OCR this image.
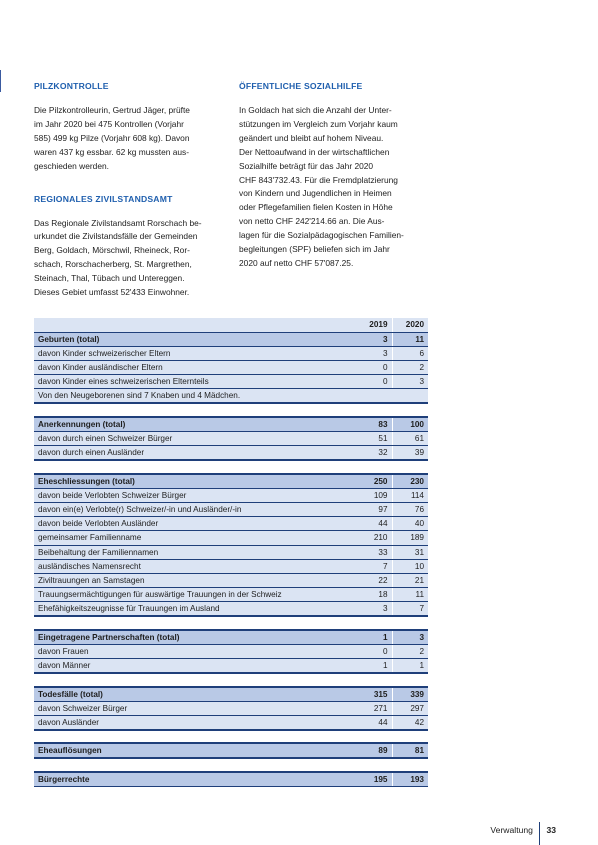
PILZKONTROLLE
Die Pilzkontrolleurin, Gertrud Jäger, prüfte
im Jahr 2020 bei 475 Kontrollen (Vorjahr
585) 499 kg Pilze (Vorjahr 608 kg). Davon
waren 437 kg essbar. 62 kg mussten aus-
geschieden werden.
REGIONALES ZIVILSTANDSAMT
Das Regionale Zivilstandsamt Rorschach be-
urkundet die Zivilstandsfälle der Gemeinden
Berg, Goldach, Mörschwil, Rheineck, Ror-
schach, Rorschacherberg, St. Margrethen,
Steinach, Thal, Tübach und Untereggen.
Dieses Gebiet umfasst 52'433 Einwohner.
ÖFFENTLICHE SOZIALHILFE
In Goldach hat sich die Anzahl der Unter-
stützungen im Vergleich zum Vorjahr kaum
geändert und bleibt auf hohem Niveau.
Der Nettoaufwand in der wirtschaftlichen
Sozialhilfe beträgt für das Jahr 2020
CHF 843'732.43. Für die Fremdplatzierung
von Kindern und Jugendlichen in Heimen
oder Pflegefamilien fielen Kosten in Höhe
von netto CHF 242'214.66 an. Die Aus-
lagen für die Sozialpädagogischen Familien-
begleitungen (SPF) beliefen sich im Jahr
2020 auf netto CHF 57'087.25.
	2019	2020
Geburten (total)	3	11
davon Kinder schweizerischer Eltern	3	6
davon Kinder ausländischer Eltern	0	2
davon Kinder eines schweizerischen Elternteils	0	3
Von den Neugeborenen sind 7 Knaben und 4 Mädchen.		

Anerkennungen (total)	83	100
davon durch einen Schweizer Bürger	51	61
davon durch einen Ausländer	32	39

Eheschliessungen (total)	250	230
davon beide Verlobten Schweizer Bürger	109	114
davon ein(e) Verlobte(r) Schweizer/-in und Ausländer/-in	97	76
davon beide Verlobten Ausländer	44	40
gemeinsamer Familienname	210	189
Beibehaltung der Familiennamen	33	31
ausländisches Namensrecht	7	10
Ziviltrauungen an Samstagen	22	21
Trauungsermächtigungen für auswärtige Trauungen in der Schweiz	18	11
Ehefähigkeitszeugnisse für Trauungen im Ausland	3	7

Eingetragene Partnerschaften (total)	1	3
davon Frauen	0	2
davon Männer	1	1

Todesfälle (total)	315	339
davon Schweizer Bürger	271	297
davon Ausländer	44	42

Eheauflösungen	89	81

Bürgerrechte	195	193
Verwaltung 33
